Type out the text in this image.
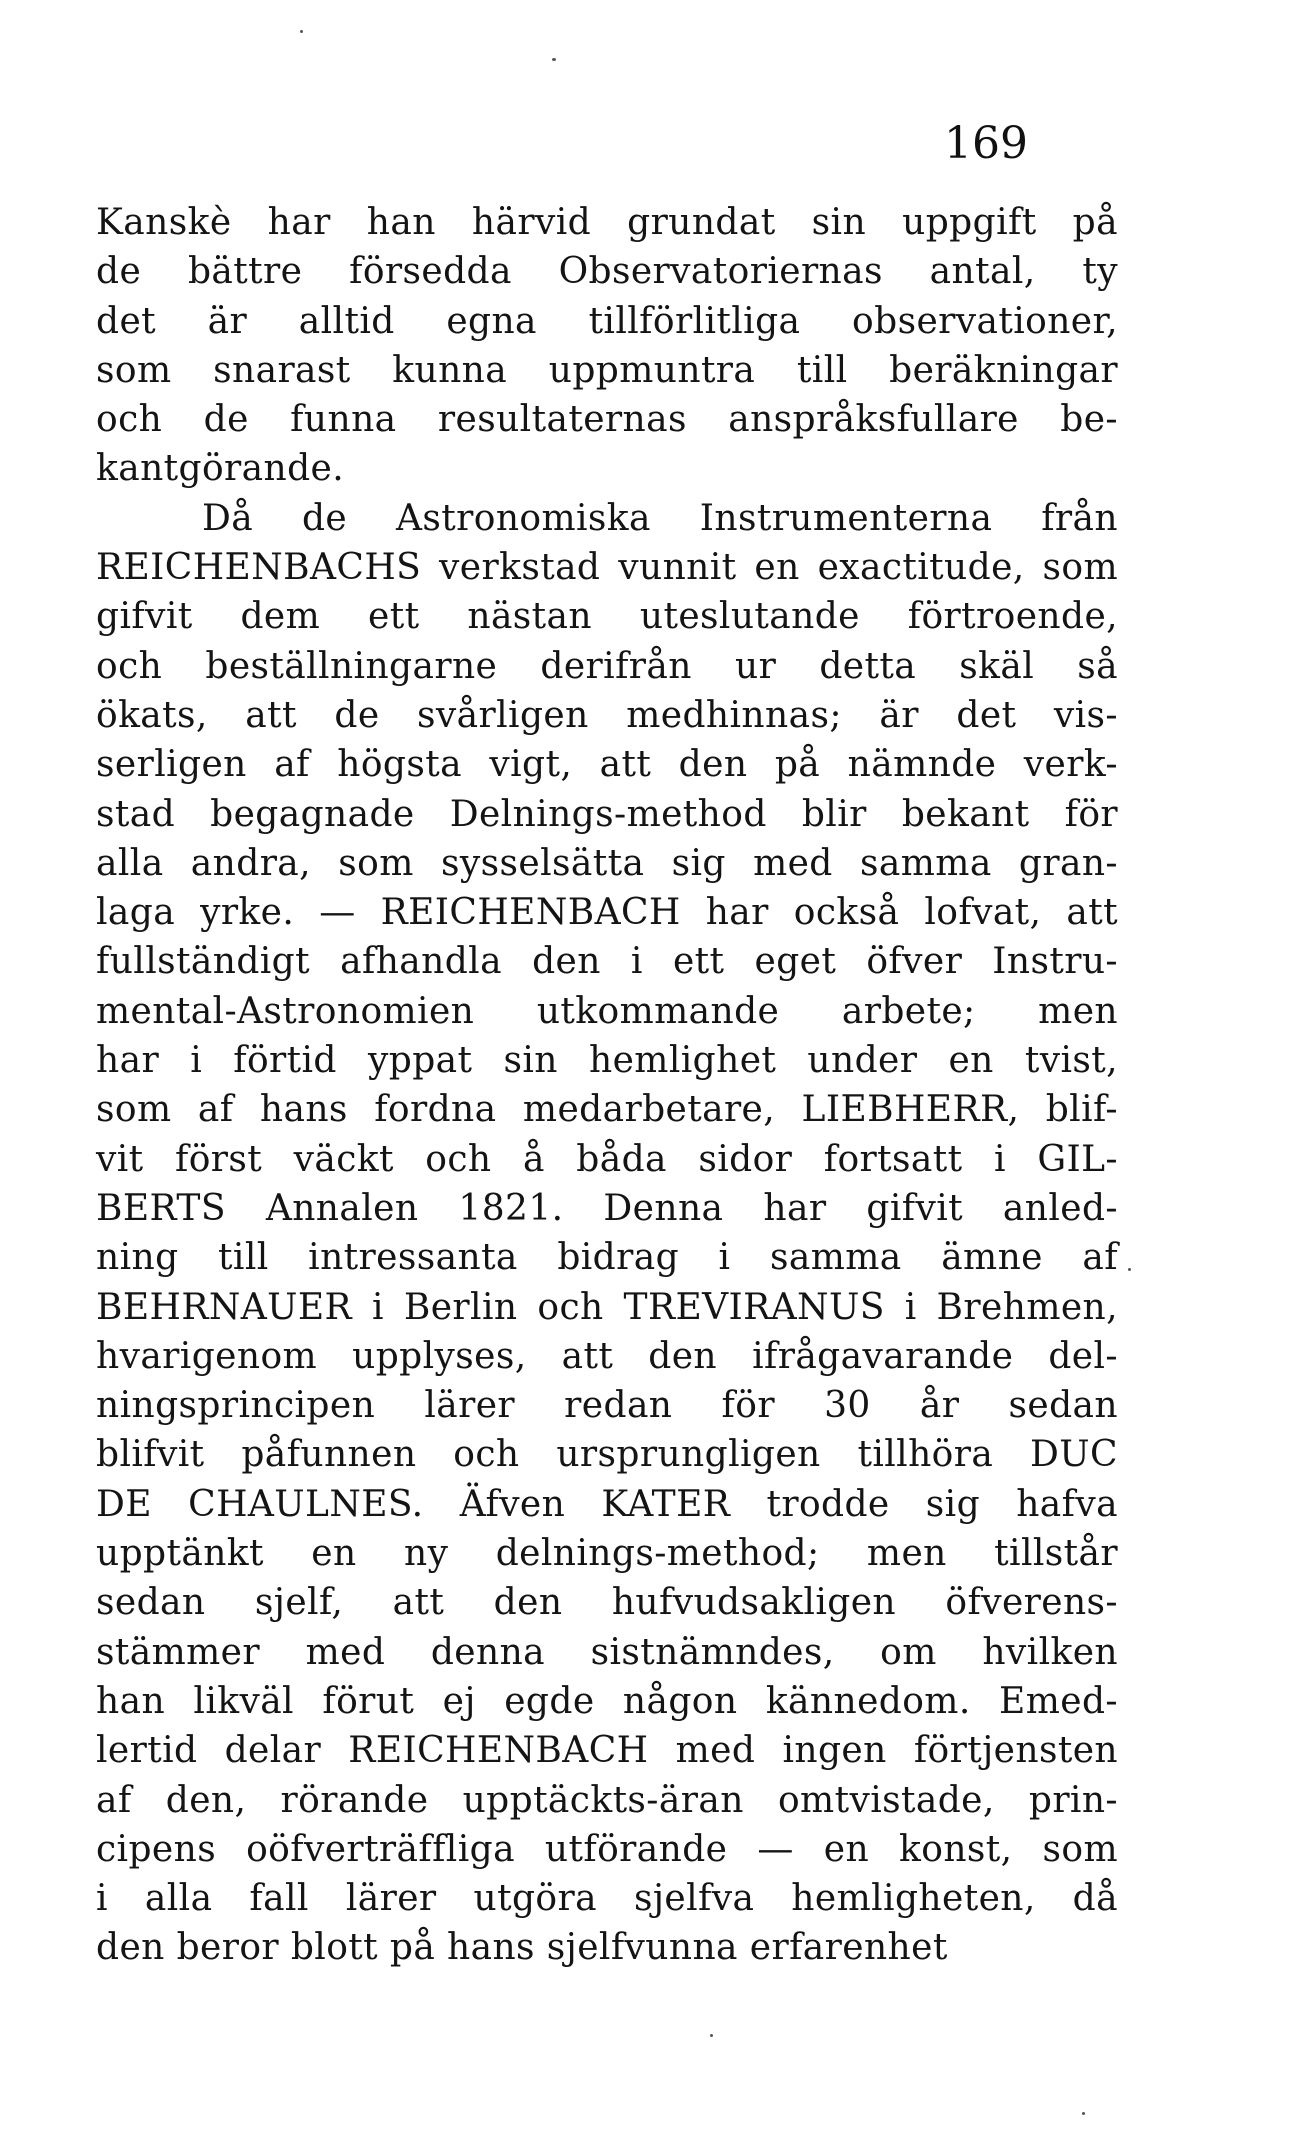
169
Kanskè har han härvid grundat sin uppgift på
de bättre försedda Observatoriernas antal, ty
det är alltid egna tillförlitliga observationer,
som snarast kunna uppmuntra till beräkningar
och de funna resultaternas anspråksfullare be-
kantgörande.
Då de Astronomiska Instrumenterna från
REICHENBACHS verkstad vunnit en exactitude, som
gifvit dem ett nästan uteslutande förtroende,
och beställningarne derifrån ur detta skäl så
ökats, att de svårligen medhinnas; är det vis-
serligen af högsta vigt, att den på nämnde verk-
stad begagnade Delnings-method blir bekant för
alla andra, som sysselsätta sig med samma gran-
laga yrke. — REICHENBACH har också lofvat, att
fullständigt afhandla den i ett eget öfver Instru-
mental-Astronomien utkommande arbete; men
har i förtid yppat sin hemlighet under en tvist,
som af hans fordna medarbetare, LIEBHERR, blif-
vit först väckt och å båda sidor fortsatt i GIL-
BERTS Annalen 1821. Denna har gifvit anled-
ning till intressanta bidrag i samma ämne af
BEHRNAUER i Berlin och TREVIRANUS i Brehmen,
hvarigenom upplyses, att den ifrågavarande del-
ningsprincipen lärer redan för 30 år sedan
blifvit påfunnen och ursprungligen tillhöra DUC
DE CHAULNES. Äfven KATER trodde sig hafva
upptänkt en ny delnings-method; men tillstår
sedan sjelf, att den hufvudsakligen öfverens-
stämmer med denna sistnämndes, om hvilken
han likväl förut ej egde någon kännedom. Emed-
lertid delar REICHENBACH med ingen förtjensten
af den, rörande upptäckts-äran omtvistade, prin-
cipens oöfverträffliga utförande — en konst, som
i alla fall lärer utgöra sjelfva hemligheten, då
den beror blott på hans sjelfvunna erfarenhet
